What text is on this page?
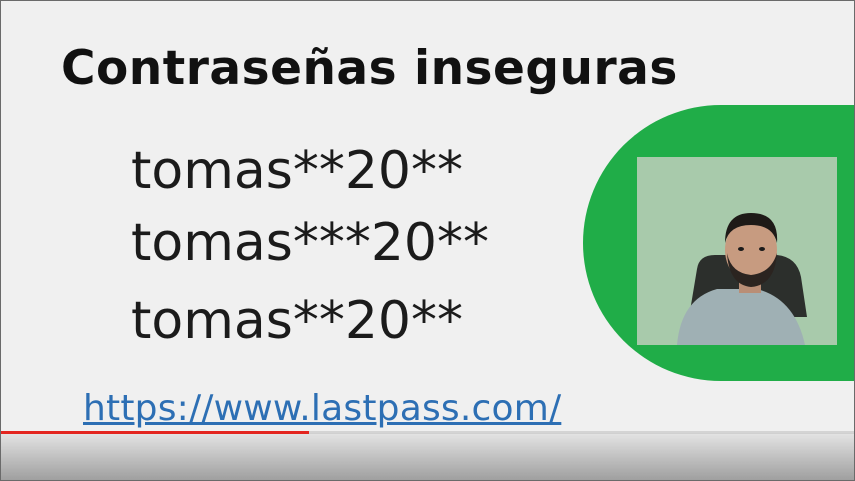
Contraseñas inseguras
tomas**20**
tomas***20**
tomas**20**
https://www.lastpass.com/
